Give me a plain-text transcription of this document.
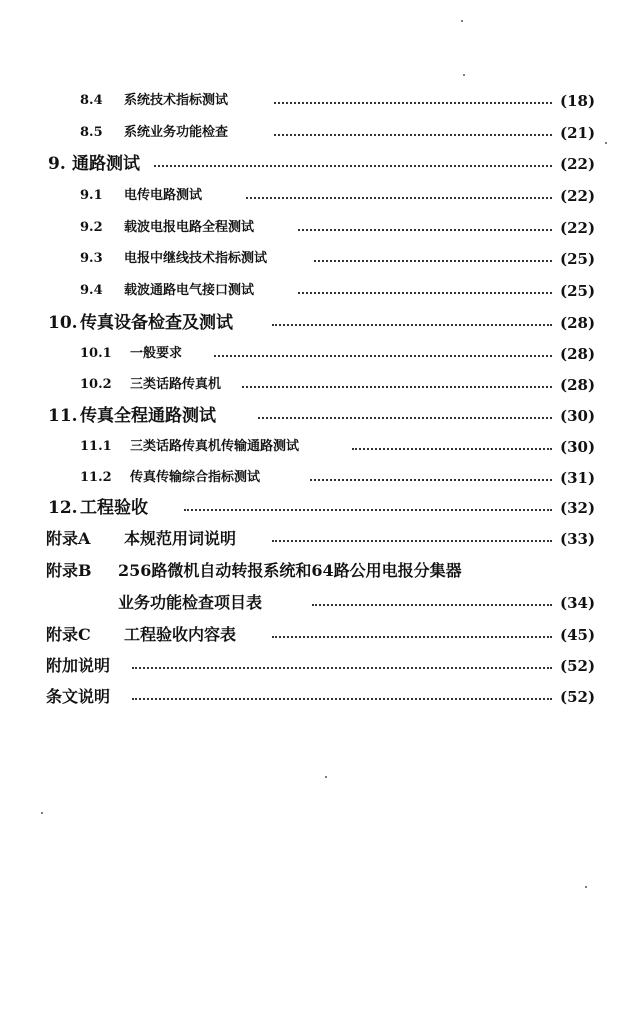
8.4 系统技术指标测试	(18)
8.5 系统业务功能检查	(21)
9. 通路测试	(22)
9.1 电传电路测试	(22)
9.2 载波电报电路全程测试	(22)
9.3 电报中继线技术指标测试	(25)
9.4 载波通路电气接口测试	(25)
10. 传真设备检查及测试	(28)
10.1 一般要求	(28)
10.2 三类话路传真机	(28)
11. 传真全程通路测试	(30)
11.1 三类话路传真机传输通路测试	(30)
11.2 传真传输综合指标测试	(31)
12. 工程验收	(32)
附录A 本规范用词说明	(33)
附录B 256路微机自动转报系统和64路公用电报分集器
业务功能检查项目表	(34)
附录C 工程验收内容表	(45)
附加说明	(52)
条文说明	(52)
